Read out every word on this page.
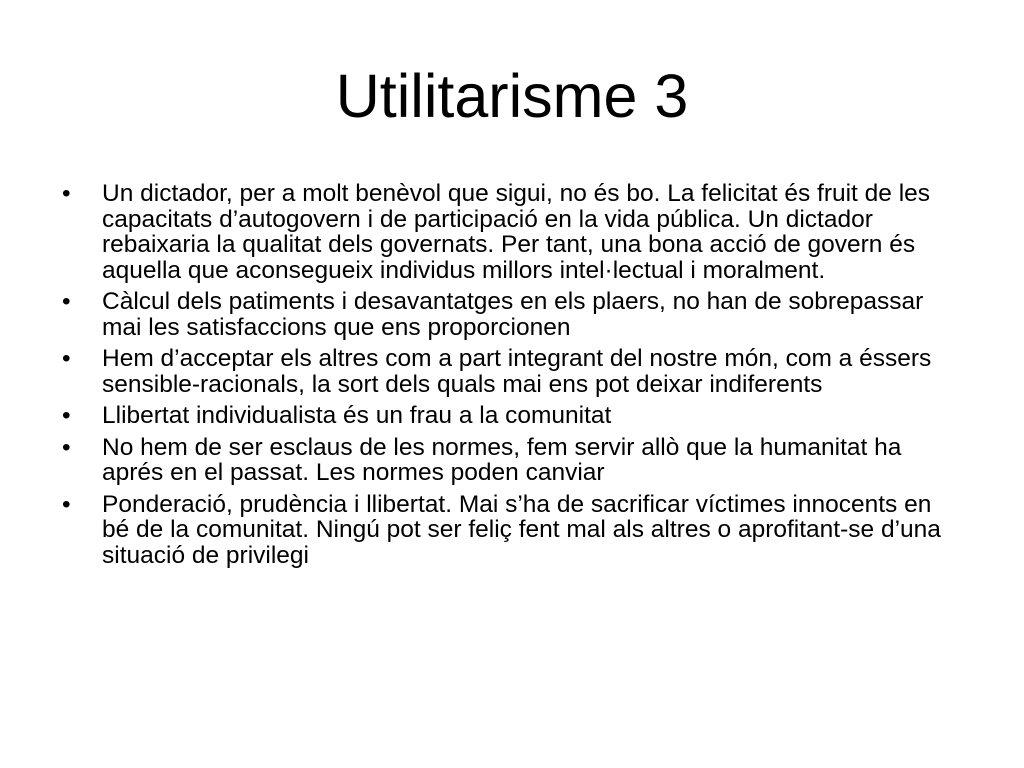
Utilitarisme 3
•	Un dictador, per a molt benèvol que sigui, no és bo. La felicitat és fruit de les capacitats d’autogovern i de participació en la vida pública. Un dictador rebaixaria la qualitat dels governats. Per tant, una bona acció de govern és aquella que aconsegueix individus millors intel·lectual i moralment.
•	Càlcul dels patiments i desavantatges en els plaers, no han de sobrepassar mai les satisfaccions que ens proporcionen
•	Hem d’acceptar els altres com a part integrant del nostre món, com a éssers sensible-racionals, la sort dels quals mai ens pot deixar indiferents
•	Llibertat individualista és un frau a la comunitat
•	No hem de ser esclaus de les normes, fem servir allò que la humanitat ha aprés en el passat. Les normes poden canviar
•	Ponderació, prudència i llibertat. Mai s’ha de sacrificar víctimes innocents en bé de la comunitat. Ningú pot ser feliç fent mal als altres o aprofitant-se d’una situació de privilegi
